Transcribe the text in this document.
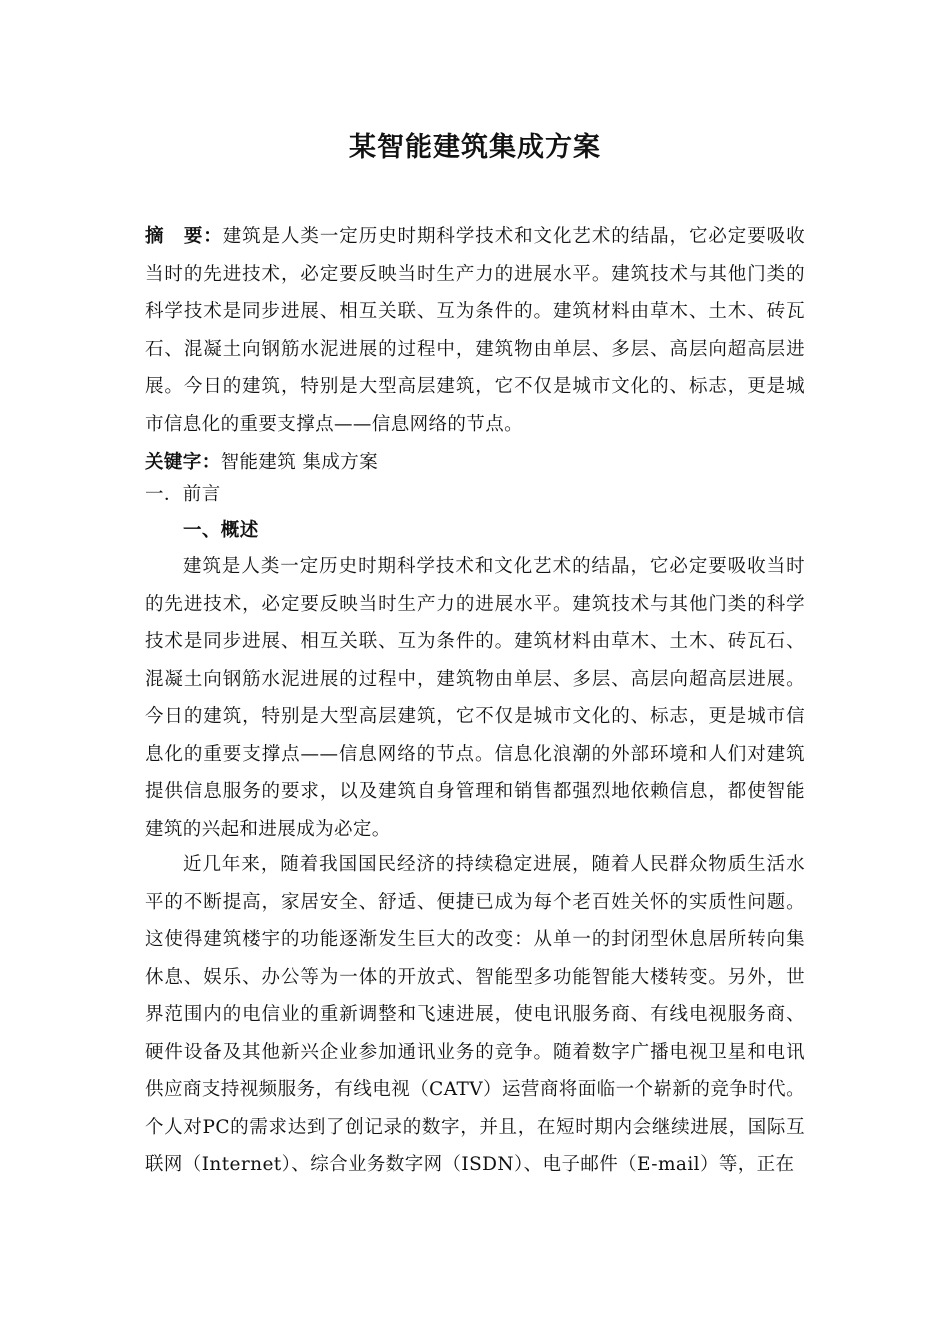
某智能建筑集成方案
摘　要：建筑是人类一定历史时期科学技术和文化艺术的结晶，它必定要吸收当时的先进技术，必定要反映当时生产力的进展水平。建筑技术与其他门类的科学技术是同步进展、相互关联、互为条件的。建筑材料由草木、土木、砖瓦石、混凝土向钢筋水泥进展的过程中，建筑物由单层、多层、高层向超高层进展。今日的建筑，特别是大型高层建筑，它不仅是城市文化的、标志，更是城市信息化的重要支撑点——信息网络的节点。
关键字：智能建筑 集成方案
一．前言
一、概述
建筑是人类一定历史时期科学技术和文化艺术的结晶，它必定要吸收当时的先进技术，必定要反映当时生产力的进展水平。建筑技术与其他门类的科学技术是同步进展、相互关联、互为条件的。建筑材料由草木、土木、砖瓦石、混凝土向钢筋水泥进展的过程中，建筑物由单层、多层、高层向超高层进展。今日的建筑，特别是大型高层建筑，它不仅是城市文化的、标志，更是城市信息化的重要支撑点——信息网络的节点。信息化浪潮的外部环境和人们对建筑提供信息服务的要求，以及建筑自身管理和销售都强烈地依赖信息，都使智能建筑的兴起和进展成为必定。
近几年来，随着我国国民经济的持续稳定进展，随着人民群众物质生活水平的不断提高，家居安全、舒适、便捷已成为每个老百姓关怀的实质性问题。这使得建筑楼宇的功能逐渐发生巨大的改变：从单一的封闭型休息居所转向集休息、娱乐、办公等为一体的开放式、智能型多功能智能大楼转变。另外，世界范围内的电信业的重新调整和飞速进展，使电讯服务商、有线电视服务商、硬件设备及其他新兴企业参加通讯业务的竞争。随着数字广播电视卫星和电讯供应商支持视频服务，有线电视（CATV）运营商将面临一个崭新的竞争时代。个人对PC的需求达到了创记录的数字，并且，在短时期内会继续进展，国际互联网（Internet）、综合业务数字网（ISDN）、电子邮件（E-mail）等，正在
